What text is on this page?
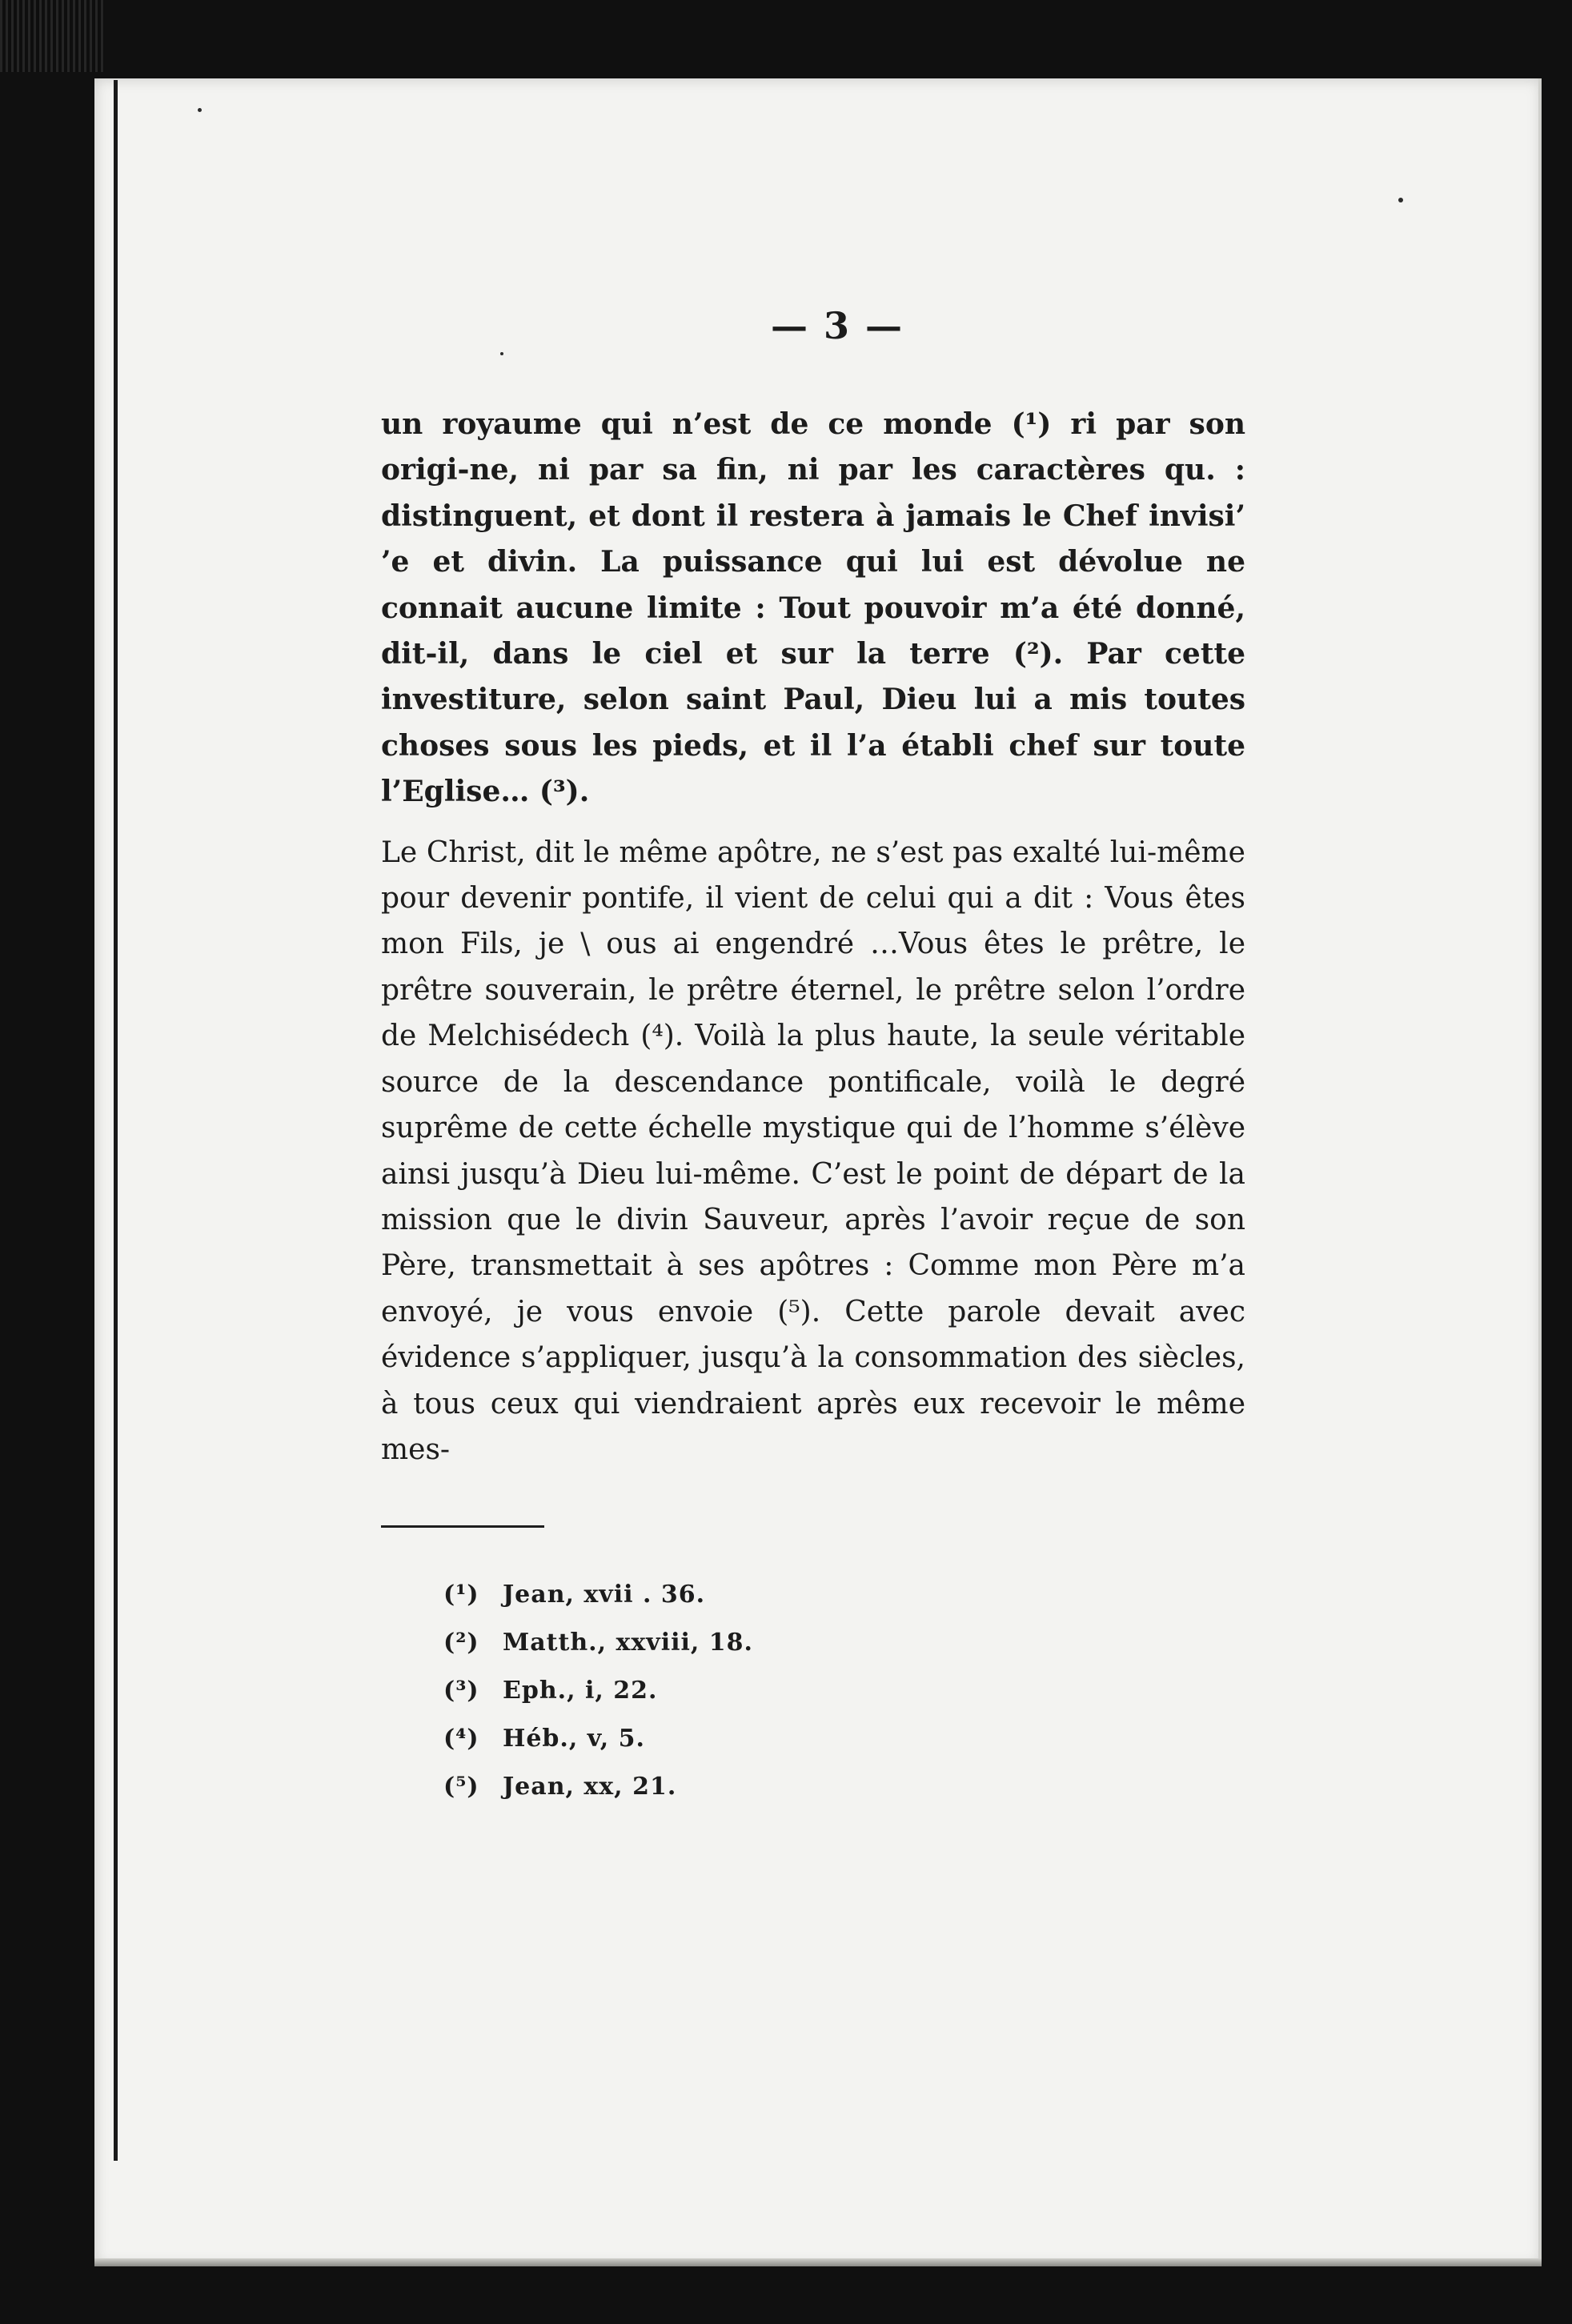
— 3 —

un royaume qui n’est de ce monde (¹) ri par son origi-ne, ni par sa fin, ni par les caractères qu. : distinguent, et dont il restera à jamais le Chef invisi’ ’e et divin. La puissance qui lui est dévolue ne connait aucune limite : Tout pouvoir m’a été donné, dit-il, dans le ciel et sur la terre (²). Par cette investiture, selon saint Paul, Dieu lui a mis toutes choses sous les pieds, et il l’a établi chef sur toute l’Eglise… (³).

Le Christ, dit le même apôtre, ne s’est pas exalté lui-même pour devenir pontife, il vient de celui qui a dit : Vous êtes mon Fils, je \ ous ai engendré …Vous êtes le prêtre, le prêtre souverain, le prêtre éternel, le prêtre selon l’ordre de Melchisédech (⁴). Voilà la plus haute, la seule véritable source de la descendance pontificale, voilà le degré suprême de cette échelle mystique qui de l’homme s’élève ainsi jusqu’à Dieu lui-même. C’est le point de départ de la mission que le divin Sauveur, après l’avoir reçue de son Père, transmettait à ses apôtres : Comme mon Père m’a envoyé, je vous envoie (⁵). Cette parole devait avec évidence s’appliquer, jusqu’à la consommation des siècles, à tous ceux qui viendraient après eux recevoir le même mes-

(¹) Jean, xvii . 36.
(²) Matth., xxviii, 18.
(³) Eph., i, 22.
(⁴) Héb., v, 5.
(⁵) Jean, xx, 21.
